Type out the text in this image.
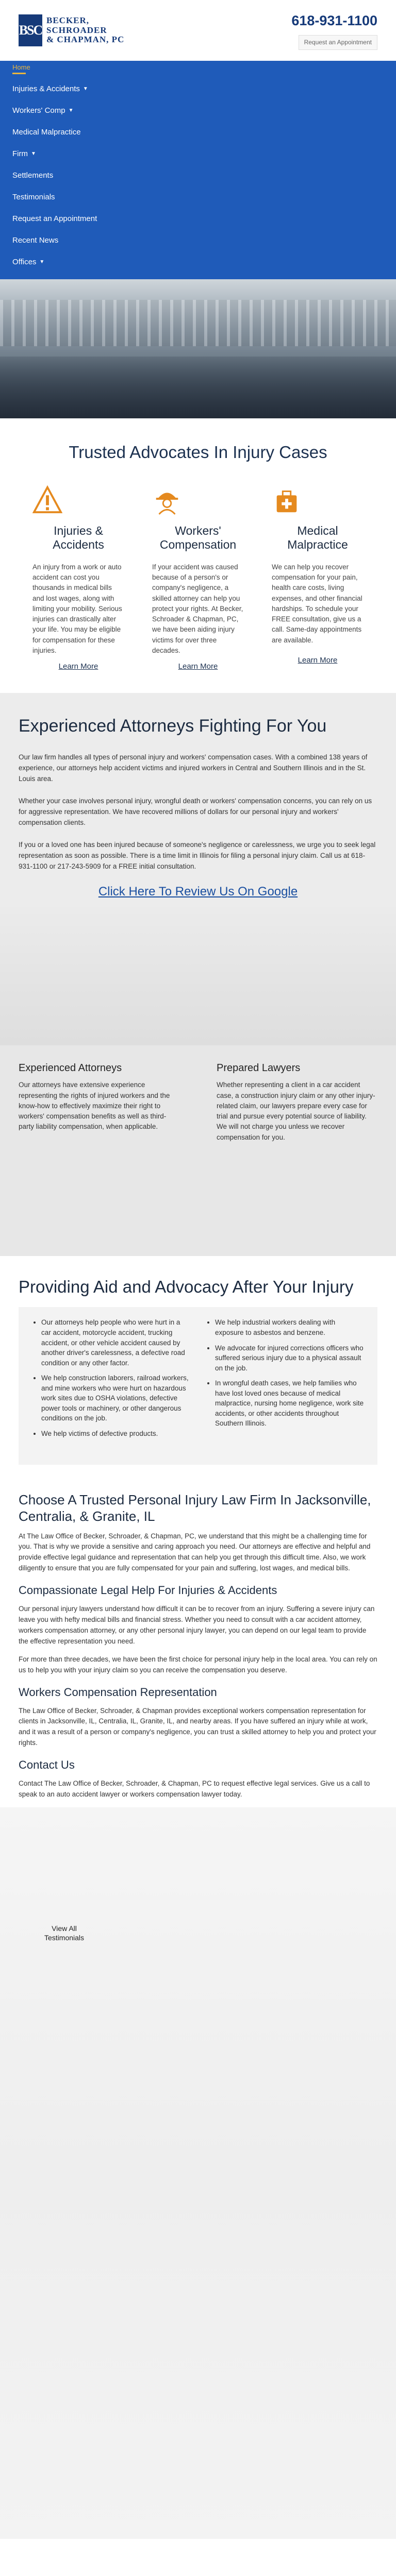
BSC
BECKER,
SCHROADER
& CHAPMAN, PC
618-931-1100
Request an Appointment
Home
Injuries & Accidents ▼
Workers' Comp ▼
Medical Malpractice
Firm ▼
Settlements
Testimonials
Request an Appointment
Recent News
Offices ▼
Trusted Advocates In Injury Cases
Injuries & Accidents

An injury from a work or auto accident can cost you thousands in medical bills and lost wages, along with limiting your mobility. Serious injuries can drastically alter your life. You may be eligible for compensation for these injuries.

Learn More
Workers' Compensation

If your accident was caused because of a person's or company's negligence, a skilled attorney can help you protect your rights. At Becker, Schroader & Chapman, PC, we have been aiding injury victims for over three decades.

Learn More
Medical Malpractice

We can help you recover compensation for your pain, health care costs, living expenses, and other financial hardships. To schedule your FREE consultation, give us a call. Same-day appointments are available.

Learn More
Experienced Attorneys Fighting For You

Our law firm handles all types of personal injury and workers' compensation cases. With a combined 138 years of experience, our attorneys help accident victims and injured workers in Central and Southern Illinois and in the St. Louis area.

Whether your case involves personal injury, wrongful death or workers' compensation concerns, you can rely on us for aggressive representation. We have recovered millions of dollars for our personal injury and workers' compensation clients.

If you or a loved one has been injured because of someone's negligence or carelessness, we urge you to seek legal representation as soon as possible. There is a time limit in Illinois for filing a personal injury claim. Call us at 618-931-1100 or 217-243-5909 for a FREE initial consultation.

Click Here To Review Us On Google
Experienced Attorneys

Our attorneys have extensive experience representing the rights of injured workers and the know-how to effectively maximize their right to workers' compensation benefits as well as third-party liability compensation, when applicable.

Prepared Lawyers

Whether representing a client in a car accident case, a construction injury claim or any other injury-related claim, our lawyers prepare every case for trial and pursue every potential source of liability. We will not charge you unless we recover compensation for you.

Providing Aid and Advocacy After Your Injury
• Our attorneys help people who were hurt in a car accident, motorcycle accident, trucking accident, or other vehicle accident caused by another driver's carelessness, a defective road condition or any other factor.
• We help construction laborers, railroad workers, and mine workers who were hurt on hazardous work sites due to OSHA violations, defective power tools or machinery, or other dangerous conditions on the job.
• We help victims of defective products.
• We help industrial workers dealing with exposure to asbestos and benzene.
• We advocate for injured corrections officers who suffered serious injury due to a physical assault on the job.
• In wrongful death cases, we help families who have lost loved ones because of medical malpractice, nursing home negligence, work site accidents, or other accidents throughout Southern Illinois.
Choose A Trusted Personal Injury Law Firm In Jacksonville, Centralia, & Granite, IL

At The Law Office of Becker, Schroader, & Chapman, PC, we understand that this might be a challenging time for you. That is why we provide a sensitive and caring approach you need. Our attorneys are effective and helpful and provide effective legal guidance and representation that can help you get through this difficult time. Also, we work diligently to ensure that you are fully compensated for your pain and suffering, lost wages, and medical bills.

Compassionate Legal Help For Injuries & Accidents

Our personal injury lawyers understand how difficult it can be to recover from an injury. Suffering a severe injury can leave you with hefty medical bills and financial stress. Whether you need to consult with a car accident attorney, workers compensation attorney, or any other personal injury lawyer, you can depend on our legal team to provide the effective representation you need.

For more than three decades, we have been the first choice for personal injury help in the local area. You can rely on us to help you with your injury claim so you can receive the compensation you deserve.

Workers Compensation Representation

The Law Office of Becker, Schroader, & Chapman provides exceptional workers compensation representation for clients in Jacksonville, IL, Centralia, IL, Granite, IL, and nearby areas. If you have suffered an injury while at work, and it was a result of a person or company's negligence, you can trust a skilled attorney to help you and protect your rights.

Contact Us

Contact The Law Office of Becker, Schroader, & Chapman, PC to request effective legal services. Give us a call to speak to an auto accident lawyer or workers compensation lawyer today.

View All
Testimonials
